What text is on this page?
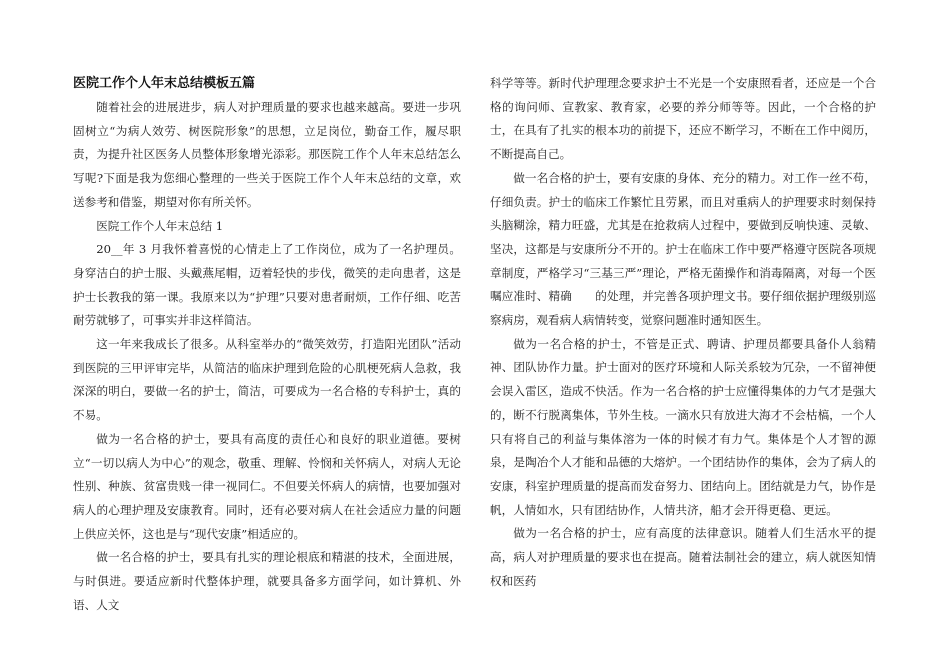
医院工作个人年末总结模板五篇

随着社会的进展进步，病人对护理质量的要求也越来越高。要进一步巩固树立“为病人效劳、树医院形象”的思想，立足岗位，勤奋工作，履尽职责，为提升社区医务人员整体形象增光添彩。那医院工作个人年末总结怎么写呢?下面是我为您细心整理的一些关于医院工作个人年末总结的文章，欢送参考和借鉴，期望对你有所关怀。

医院工作个人年末总结 1

20__年 3 月我怀着喜悦的心情走上了工作岗位，成为了一名护理员。身穿洁白的护士服、头戴燕尾帽，迈着轻快的步伐，微笑的走向患者，这是护士长教我的第一课。我原来以为“护理”只要对患者耐烦，工作仔细、吃苦耐劳就够了，可事实并非这样简洁。

这一年来我成长了很多。从科室举办的“微笑效劳，打造阳光团队”活动到医院的三甲评审完毕，从简洁的临床护理到危险的心肌梗死病人急救，我深深的明白，要做一名的护士，简洁，可要成为一名合格的专科护士，真的不易。

做为一名合格的护士，要具有高度的责任心和良好的职业道德。要树立“一切以病人为中心”的观念，敬重、理解、怜悯和关怀病人，对病人无论性别、种族、贫富贵贱一律一视同仁。不但要关怀病人的病情，也要加强对病人的心理护理及安康教育。同时，还有必要对病人在社会适应力量的问题上供应关怀，这也是与“现代安康”相适应的。

做一名合格的护士，要具有扎实的理论根底和精湛的技术，全面进展，与时俱进。要适应新时代整体护理，就要具备多方面学问，如计算机、外语、人文

科学等等。新时代护理理念要求护士不光是一个安康照看者，还应是一个合格的询问师、宣教家、教育家，必要的养分师等等。因此，一个合格的护士，在具有了扎实的根本功的前提下，还应不断学习，不断在工作中阅历，不断提高自己。

做一名合格的护士，要有安康的身体、充分的精力。对工作一丝不苟，仔细负责。护士的临床工作繁忙且劳累，而且对重病人的护理要求时刻保持头脑糊涂，精力旺盛，尤其是在抢救病人过程中，要做到反响快速、灵敏、坚决，这都是与安康所分不开的。护士在临床工作中要严格遵守医院各项规章制度，严格学习“三基三严”理论，严格无菌操作和消毒隔离，对每一个医嘱应准时、精确　　的处理，并完善各项护理文书。要仔细依据护理级别巡察病房，观看病人病情转变，觉察问题准时通知医生。

做为一名合格的护士，不管是正式、聘请、护理员都要具备仆人翁精神、团队协作力量。护士面对的医疗环境和人际关系较为冗杂，一不留神便会误入雷区，造成不快活。作为一名合格的护士应懂得集体的力气才是强大的，断不行脱离集体，节外生枝。一滴水只有放进大海才不会枯槁，一个人只有将自己的利益与集体溶为一体的时候才有力气。集体是个人才智的源泉，是陶冶个人才能和品德的大熔炉。一个团结协作的集体，会为了病人的安康，科室护理质量的提高而发奋努力、团结向上。团结就是力气，协作是帆，人情如水，只有团结协作，人情共济，船才会开得更稳、更远。

做为一名合格的护士，应有高度的法律意识。随着人们生活水平的提高，病人对护理质量的要求也在提高。随着法制社会的建立，病人就医知情权和医药
